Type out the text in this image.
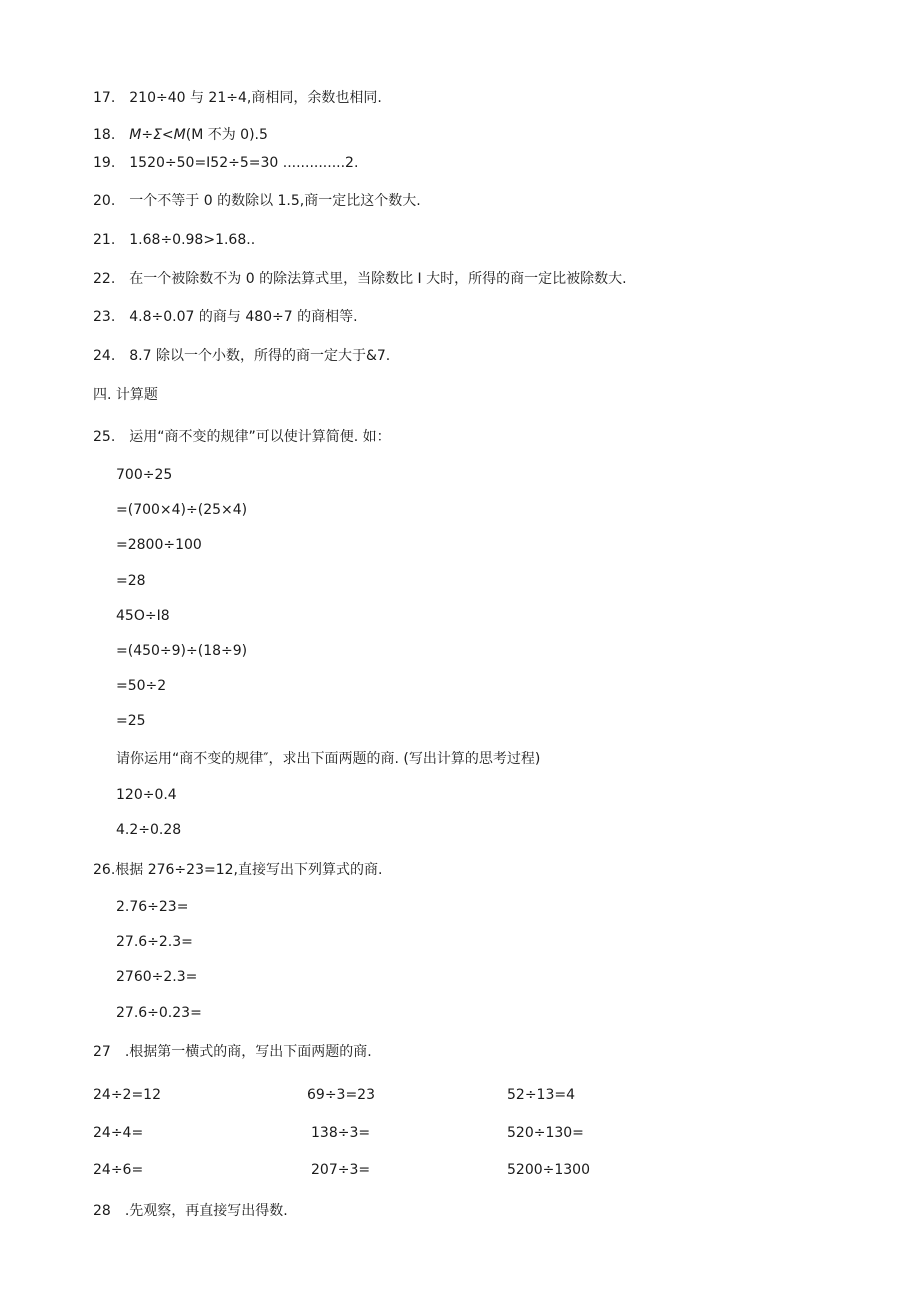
17. 210÷40 与 21÷4,商相同，余数也相同.
18. M÷Σ<M(M 不为 0).5
19. 1520÷50=I52÷5=30 ..............2.
20. 一个不等于 0 的数除以 1.5,商一定比这个数大.
21. 1.68÷0.98>1.68..
22. 在一个被除数不为 0 的除法算式里，当除数比 I 大时，所得的商一定比被除数大.
23. 4.8÷0.07 的商与 480÷7 的商相等.
24. 8.7 除以一个小数，所得的商一定大于&7.
四. 计算题
25. 运用“商不变的规律”可以使计算简便. 如：
700÷25
=(700×4)÷(25×4)
=2800÷100
=28
45O÷I8
=(450÷9)÷(18÷9)
=50÷2
=25
请你运用“商不变的规律″，求出下面两题的商. (写出计算的思考过程)
120÷0.4
4.2÷0.28
26.根据 276÷23=12,直接写出下列算式的商.
2.76÷23=
27.6÷2.3=
2760÷2.3=
27.6÷0.23=
27 .根据第一横式的商，写出下面两题的商.
24÷2=12
24÷4=
24÷6=
69÷3=23
138÷3=
207÷3=
52÷13=4
520÷130=
5200÷1300
28 .先观察，再直接写出得数.
